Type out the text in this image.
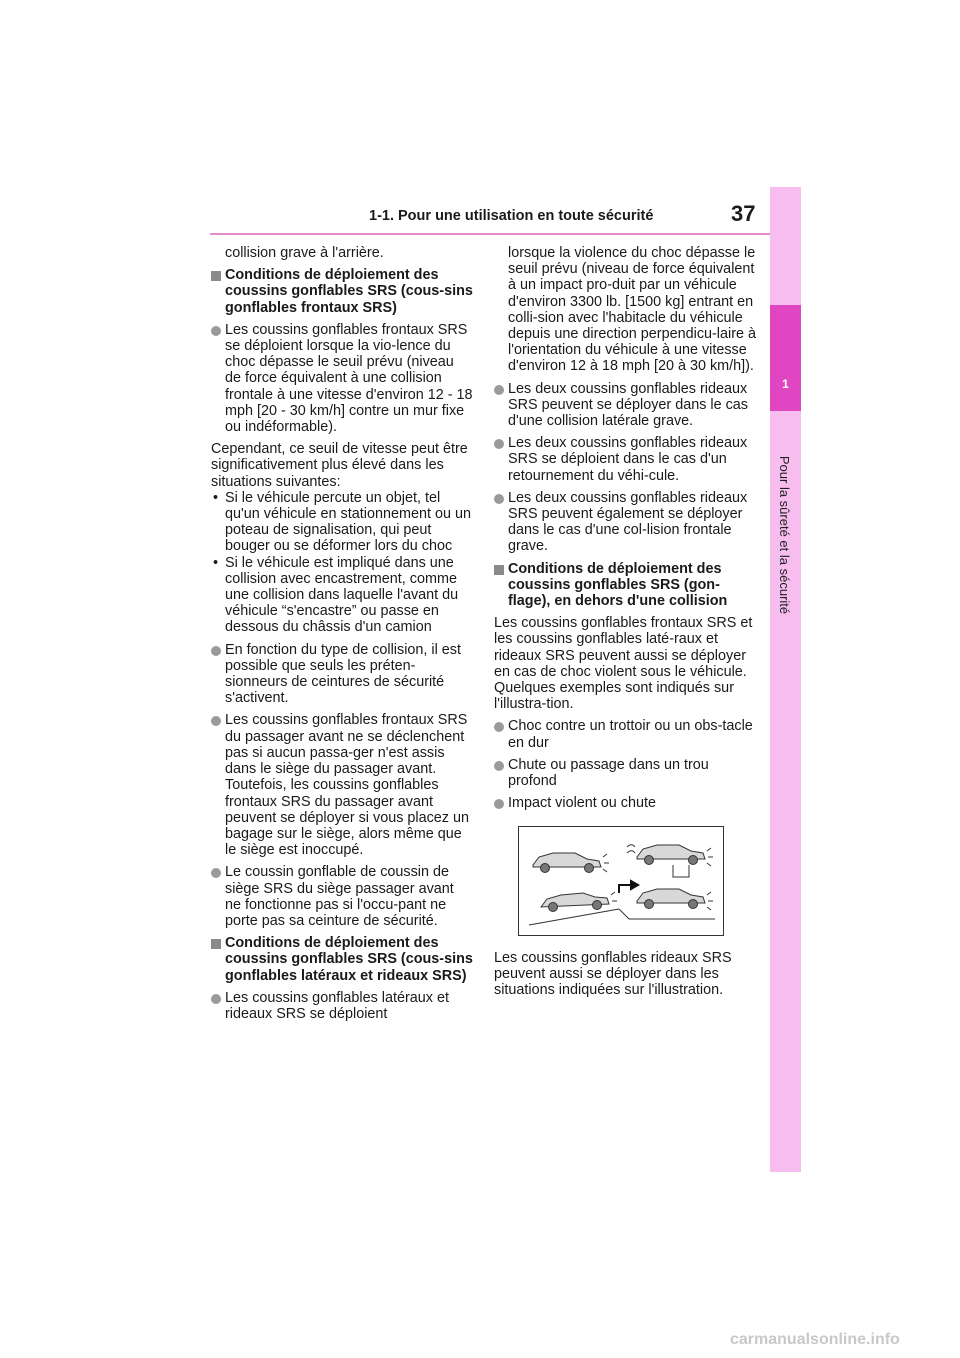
1-1. Pour une utilisation en toute sécurité	37
1
Pour la sûreté et la sécurité

collision grave à l'arrière.

Conditions de déploiement des coussins gonflables SRS (cous-sins gonflables frontaux SRS)
Les coussins gonflables frontaux SRS se déploient lorsque la vio-lence du choc dépasse le seuil prévu (niveau de force équivalent à une collision frontale à une vitesse d'environ 12 - 18 mph [20 - 30 km/h] contre un mur fixe ou indéformable).

Cependant, ce seuil de vitesse peut être significativement plus élevé dans les situations suivantes:

• Si le véhicule percute un objet, tel qu'un véhicule en stationnement ou un poteau de signalisation, qui peut bouger ou se déformer lors du choc
• Si le véhicule est impliqué dans une collision avec encastrement, comme une collision dans laquelle l'avant du véhicule “s'encastre” ou passe en dessous du châssis d'un camion
En fonction du type de collision, il est possible que seuls les préten-sionneurs de ceintures de sécurité s'activent.
Les coussins gonflables frontaux SRS du passager avant ne se déclenchent pas si aucun passa-ger n'est assis dans le siège du passager avant. Toutefois, les coussins gonflables frontaux SRS du passager avant peuvent se déployer si vous placez un bagage sur le siège, alors même que le siège est inoccupé.
Le coussin gonflable de coussin de siège SRS du siège passager avant ne fonctionne pas si l'occu-pant ne porte pas sa ceinture de sécurité.
Conditions de déploiement des coussins gonflables SRS (cous-sins gonflables latéraux et rideaux SRS)
Les coussins gonflables latéraux et rideaux SRS se déploient

lorsque la violence du choc dépasse le seuil prévu (niveau de force équivalent à un impact pro-duit par un véhicule d'environ 3300 lb. [1500 kg] entrant en colli-sion avec l'habitacle du véhicule depuis une direction perpendicu-laire à l'orientation du véhicule à une vitesse d'environ 12 à 18 mph [20 à 30 km/h]).

Les deux coussins gonflables rideaux SRS peuvent se déployer dans le cas d'une collision latérale grave.
Les deux coussins gonflables rideaux SRS se déploient dans le cas d'un retournement du véhi-cule.
Les deux coussins gonflables rideaux SRS peuvent également se déployer dans le cas d'une col-lision frontale grave.
Conditions de déploiement des coussins gonflables SRS (gon-flage), en dehors d'une collision

Les coussins gonflables frontaux SRS et les coussins gonflables laté-raux et rideaux SRS peuvent aussi se déployer en cas de choc violent sous le véhicule. Quelques exemples sont indiqués sur l'illustra-tion.

Choc contre un trottoir ou un obs-tacle en dur
Chute ou passage dans un trou profond
Impact violent ou chute

Les coussins gonflables rideaux SRS peuvent aussi se déployer dans les situations indiquées sur l'illustration.

carmanualsonline.info
